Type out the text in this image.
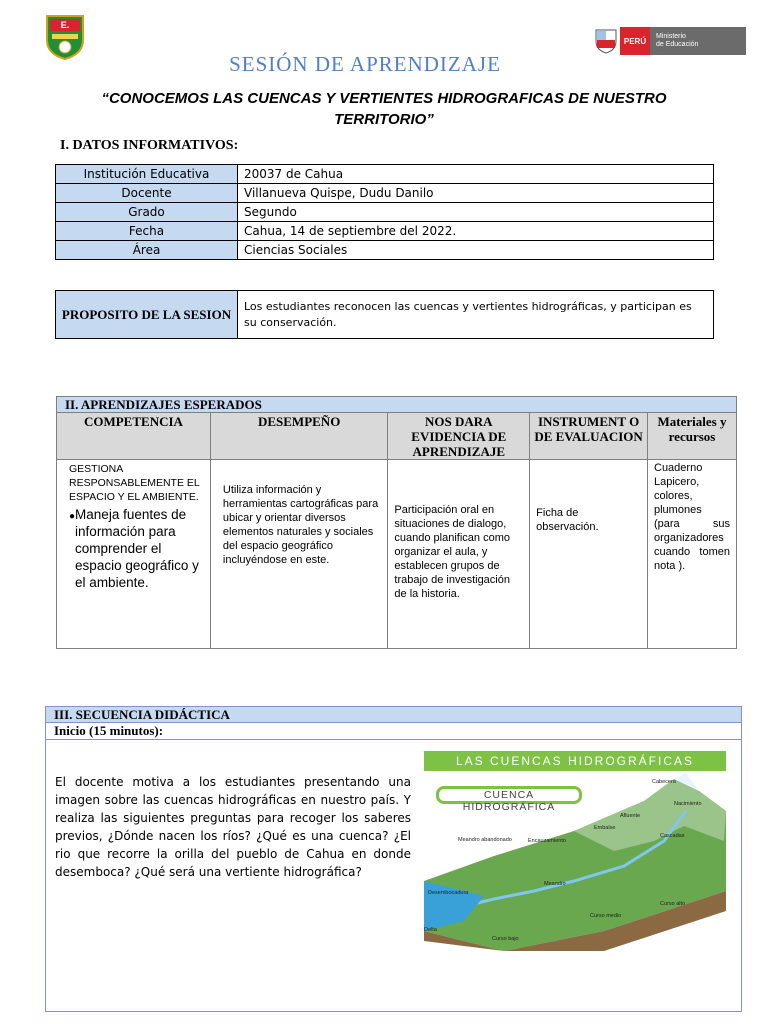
E.
PERÚ	Ministerio
de Educación
SESIÓN DE APRENDIZAJE
“CONOCEMOS LAS CUENCAS Y VERTIENTES HIDROGRAFICAS DE NUESTRO TERRITORIO”
I. DATOS INFORMATIVOS:
Institución Educativa	20037 de Cahua
Docente	Villanueva Quispe, Dudu Danilo
Grado	Segundo
Fecha	Cahua, 14 de septiembre del 2022.
Área	Ciencias Sociales
PROPOSITO DE LA SESION	Los estudiantes reconocen las cuencas y vertientes hidrográficas, y participan es su conservación.
II. APRENDIZAJES ESPERADOS				
COMPETENCIA	DESEMPEÑO	NOS DARA EVIDENCIA DE APRENDIZAJE	INSTRUMENT O DE EVALUACION	Materiales y recursos

GESTIONA RESPONSABLEMENTE EL ESPACIO Y EL AMBIENTE.
● Maneja fuentes de información para comprender el espacio geográfico y el ambiente.	Utiliza información y herramientas cartográficas para ubicar y orientar diversos elementos naturales y sociales del espacio geográfico incluyéndose en este.	Participación oral en situaciones de dialogo, cuando planifican como organizar el aula, y establecen grupos de trabajo de investigación de la historia.	Ficha de observación.	Cuaderno Lapicero, colores, plumones (para sus organizadores cuando tomen nota ).
III. SECUENCIA DIDÁCTICA
Inicio (15 minutos):
El docente motiva a los estudiantes presentando una imagen sobre las cuencas hidrográficas en nuestro país. Y realiza las siguientes preguntas para recoger los saberes previos, ¿Dónde nacen los ríos? ¿Qué es una cuenca? ¿El rio que recorre la orilla del pueblo de Cahua en donde desemboca? ¿Qué será una vertiente hidrográfica?
LAS CUENCAS HIDROGRÁFICAS
CUENCA HIDROGRÁFICA
Cabecera
Nacimiento
Afluente
Embalse
Cascadas
Meandro abandonado	Encauzamiento
Meandro
Desembocadura
Delta
Curso bajo
Curso medio
Curso alto
